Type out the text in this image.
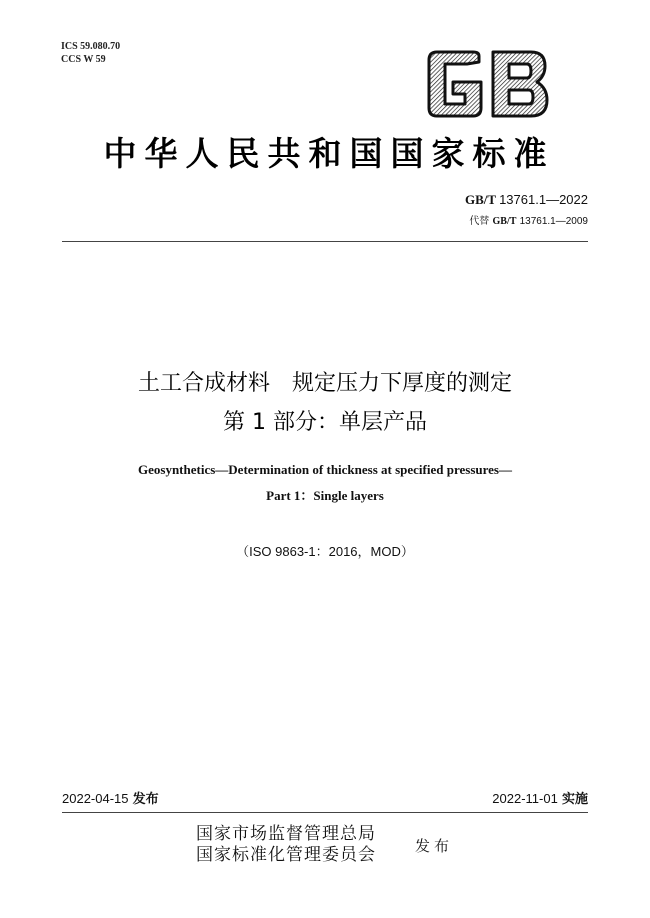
ICS 59.080.70
CCS W 59
中华人民共和国国家标准
GB/T 13761.1—2022
代替 GB/T 13761.1—2009
土工合成材料　规定压力下厚度的测定
第 1 部分：单层产品
Geosynthetics—Determination of thickness at specified pressures—
Part 1：Single layers
（ISO 9863-1：2016，MOD）
2022-04-15 发布	2022-11-01 实施
国家市场监督管理总局
国家标准化管理委员会	发布
